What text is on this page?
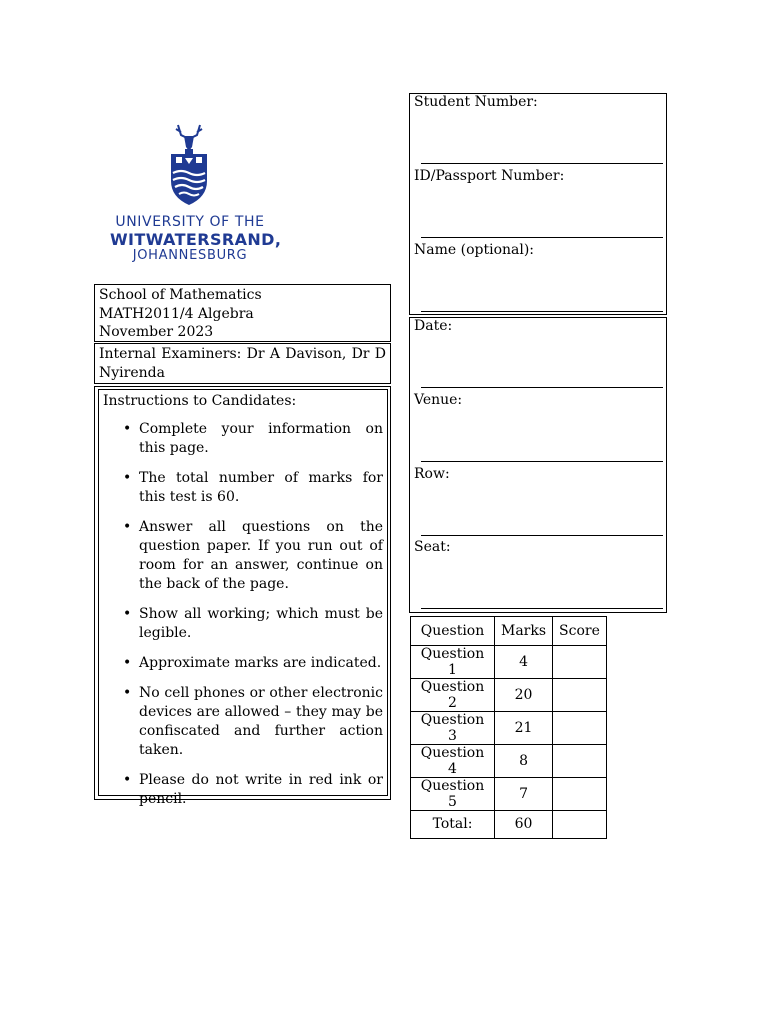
UNIVERSITY OF THE
WITWATERSRAND,
JOHANNESBURG
School of Mathematics
MATH2011/4 Algebra
November 2023
Internal Examiners: Dr A Davison, Dr D Nyirenda
Instructions to Candidates:
• Complete your information on this page.
• The total number of marks for this test is 60.
• Answer all questions on the question paper. If you run out of room for an answer, continue on the back of the page.
• Show all working; which must be legible.
• Approximate marks are indicated.
• No cell phones or other electronic devices are allowed – they may be confiscated and further action taken.
• Please do not write in red ink or pencil.
Student Number:
ID/Passport Number:
Name (optional):
Date:
Venue:
Row:
Seat:
Question	Marks	Score
Question 1	4	
Question 2	20	
Question 3	21	
Question 4	8	
Question 5	7	
Total:	60	
